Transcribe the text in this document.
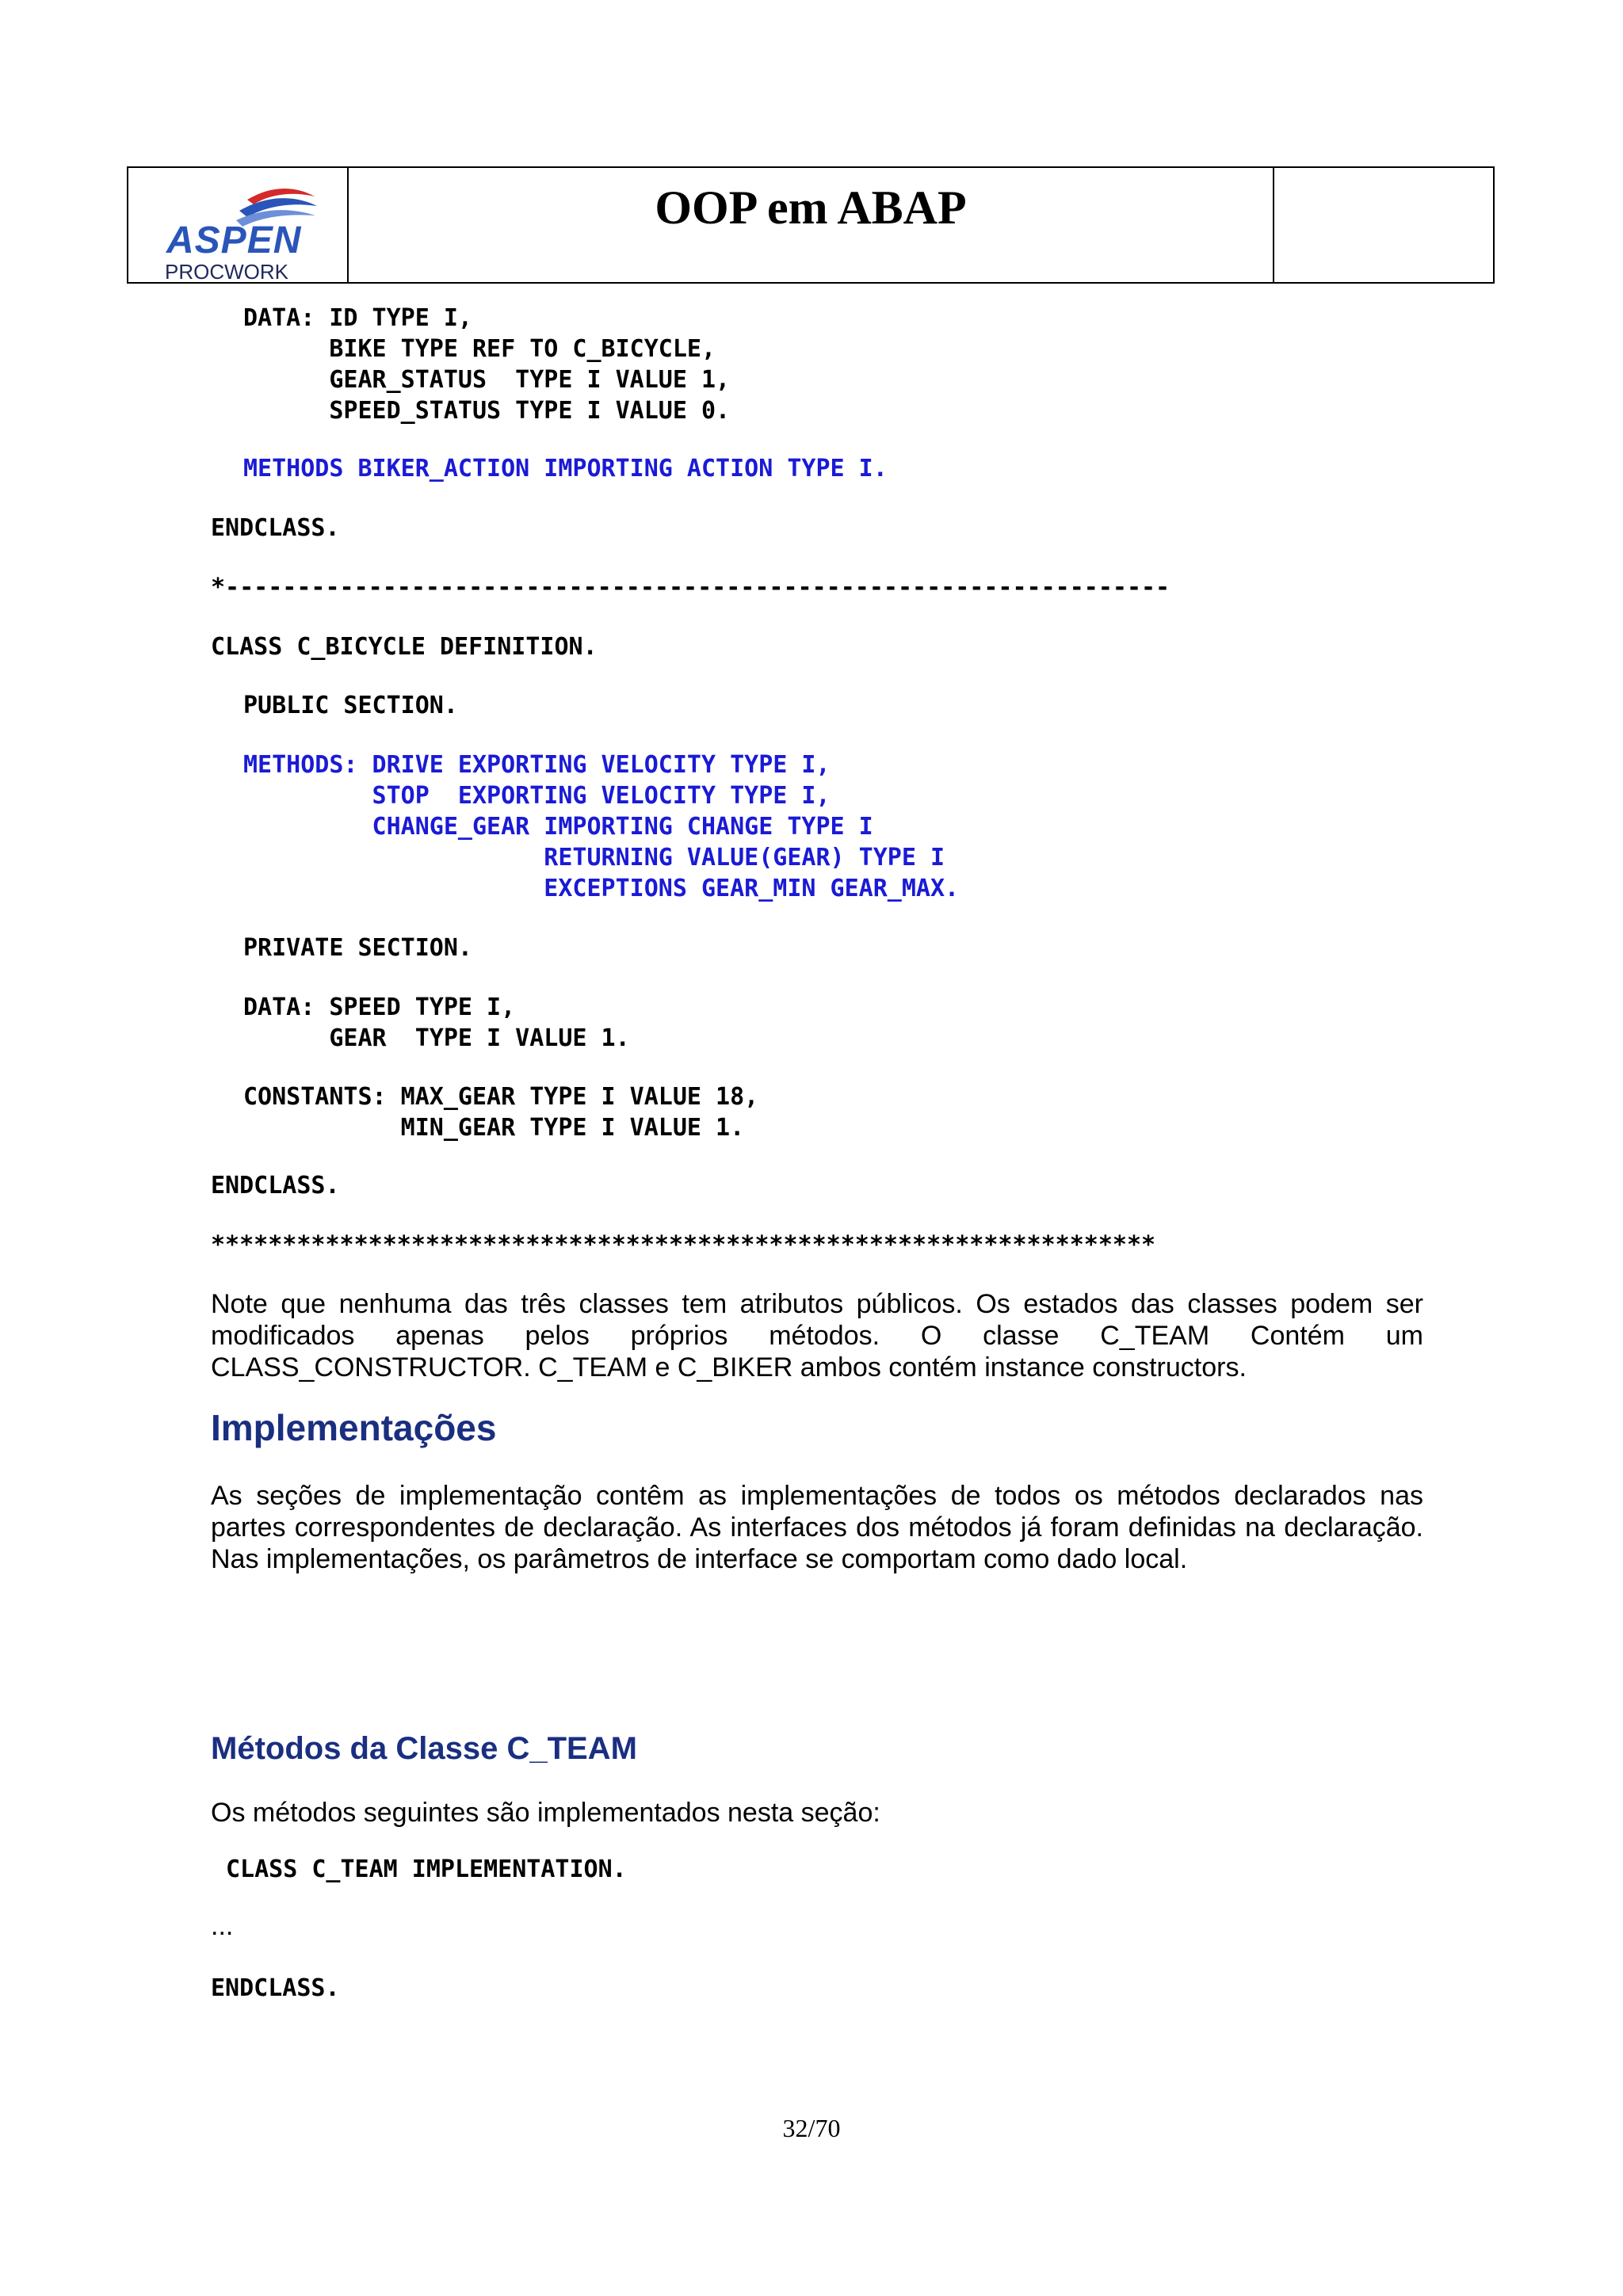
ASPEN
PROCWORK
OOP em ABAP
DATA: ID TYPE I,
BIKE TYPE REF TO C_BICYCLE,
GEAR_STATUS  TYPE I VALUE 1,
SPEED_STATUS TYPE I VALUE 0.
METHODS BIKER_ACTION IMPORTING ACTION TYPE I.
ENDCLASS.
*------------------------------------------------------------------
CLASS C_BICYCLE DEFINITION.
PUBLIC SECTION.
METHODS: DRIVE EXPORTING VELOCITY TYPE I,
STOP  EXPORTING VELOCITY TYPE I,
CHANGE_GEAR IMPORTING CHANGE TYPE I
RETURNING VALUE(GEAR) TYPE I
EXCEPTIONS GEAR_MIN GEAR_MAX.
PRIVATE SECTION.
DATA: SPEED TYPE I,
GEAR  TYPE I VALUE 1.
CONSTANTS: MAX_GEAR TYPE I VALUE 18,
MIN_GEAR TYPE I VALUE 1.
ENDCLASS.
******************************************************************

Note que nenhuma das três classes tem atributos públicos. Os estados das classes podem ser modificados apenas pelos próprios métodos. O classe C_TEAM Contém um CLASS_CONSTRUCTOR. C_TEAM e C_BIKER ambos contém instance constructors.

Implementações

As seções de implementação contêm as implementações de todos os métodos declarados nas partes correspondentes de declaração. As interfaces dos métodos já foram definidas na declaração. Nas implementações, os parâmetros de interface se comportam como dado local.

Métodos da Classe C_TEAM

Os métodos seguintes são implementados nesta seção:

CLASS C_TEAM IMPLEMENTATION.

...

ENDCLASS.
32/70
